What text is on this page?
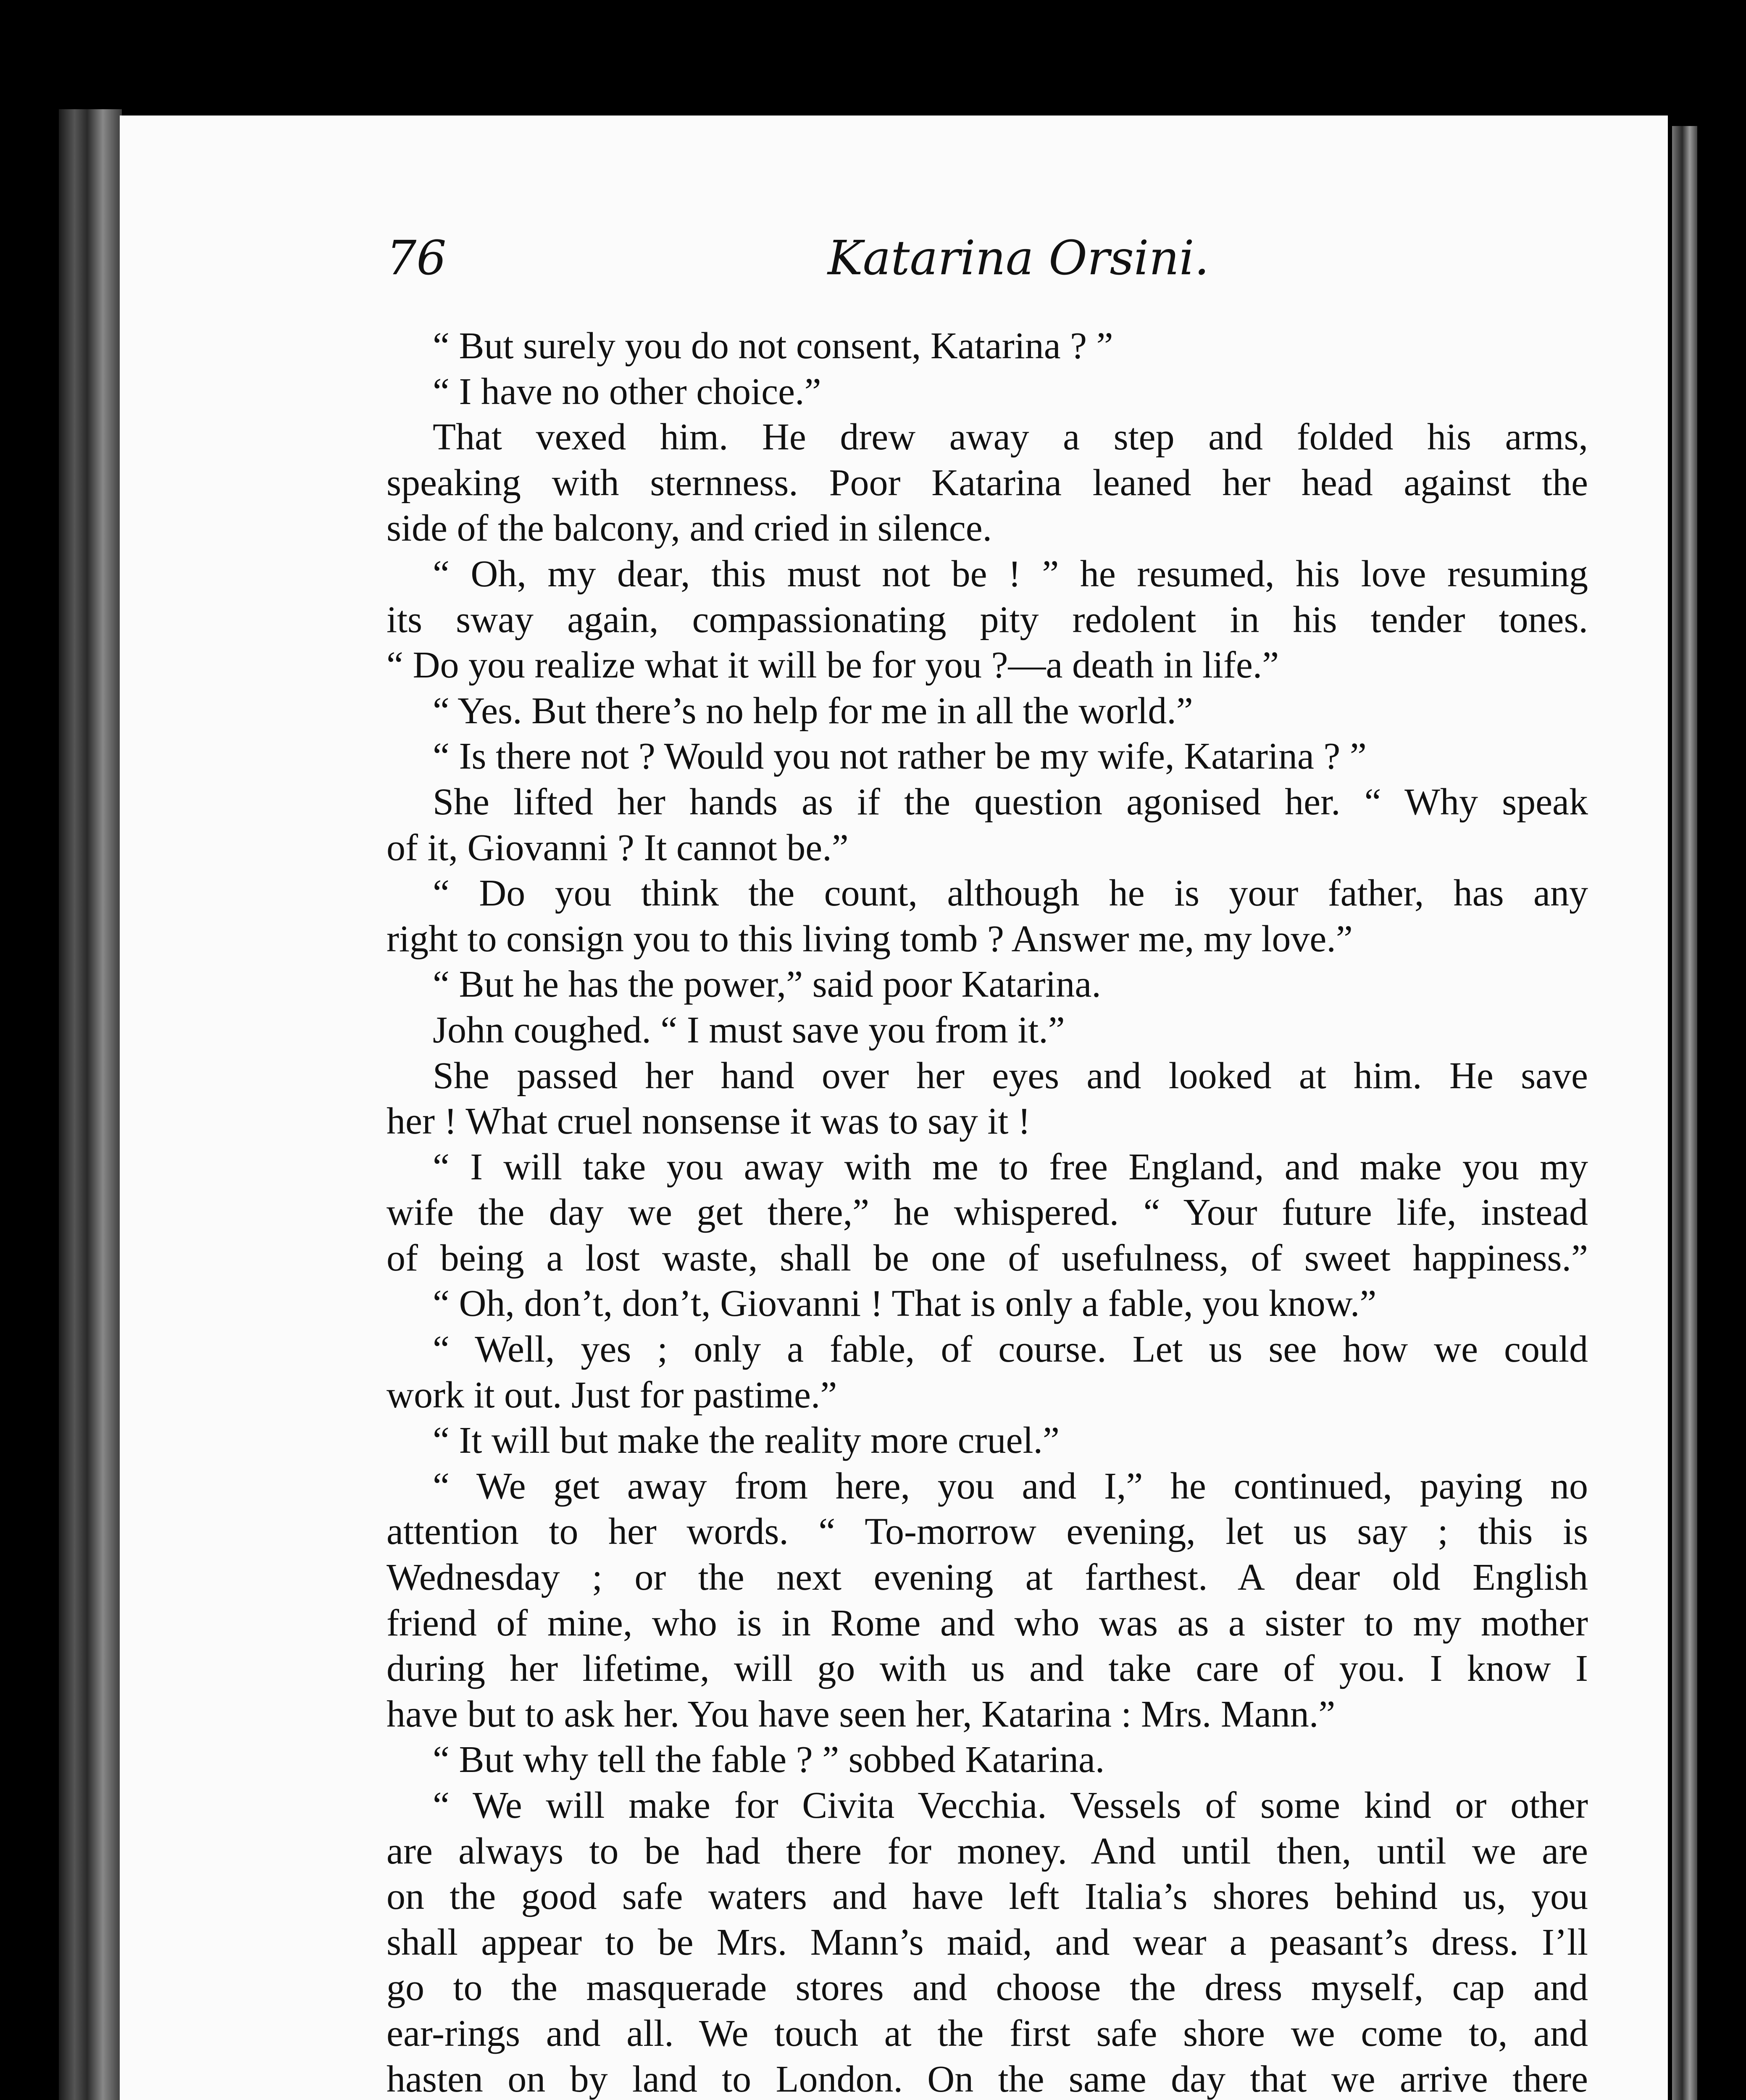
76	Katarina Orsini.
“ But surely you do not consent, Katarina ? ”
“ I have no other choice.”
That vexed him. He drew away a step and folded his arms,
speaking with sternness. Poor Katarina leaned her head against the
side of the balcony, and cried in silence.
“ Oh, my dear, this must not be ! ” he resumed, his love resuming
its sway again, compassionating pity redolent in his tender tones.
“ Do you realize what it will be for you ?—a death in life.”
“ Yes. But there’s no help for me in all the world.”
“ Is there not ? Would you not rather be my wife, Katarina ? ”
She lifted her hands as if the question agonised her. “ Why speak
of it, Giovanni ? It cannot be.”
“ Do you think the count, although he is your father, has any
right to consign you to this living tomb ? Answer me, my love.”
“ But he has the power,” said poor Katarina.
John coughed. “ I must save you from it.”
She passed her hand over her eyes and looked at him. He save
her ! What cruel nonsense it was to say it !
“ I will take you away with me to free England, and make you my
wife the day we get there,” he whispered. “ Your future life, instead
of being a lost waste, shall be one of usefulness, of sweet happiness.”
“ Oh, don’t, don’t, Giovanni ! That is only a fable, you know.”
“ Well, yes ; only a fable, of course. Let us see how we could
work it out. Just for pastime.”
“ It will but make the reality more cruel.”
“ We get away from here, you and I,” he continued, paying no
attention to her words. “ To-morrow evening, let us say ; this is
Wednesday ; or the next evening at farthest. A dear old English
friend of mine, who is in Rome and who was as a sister to my mother
during her lifetime, will go with us and take care of you. I know I
have but to ask her. You have seen her, Katarina : Mrs. Mann.”
“ But why tell the fable ? ” sobbed Katarina.
“ We will make for Civita Vecchia. Vessels of some kind or other
are always to be had there for money. And until then, until we are
on the good safe waters and have left Italia’s shores behind us, you
shall appear to be Mrs. Mann’s maid, and wear a peasant’s dress. I’ll
go to the masquerade stores and choose the dress myself, cap and
ear-rings and all. We touch at the first safe shore we come to, and
hasten on by land to London. On the same day that we arrive there
